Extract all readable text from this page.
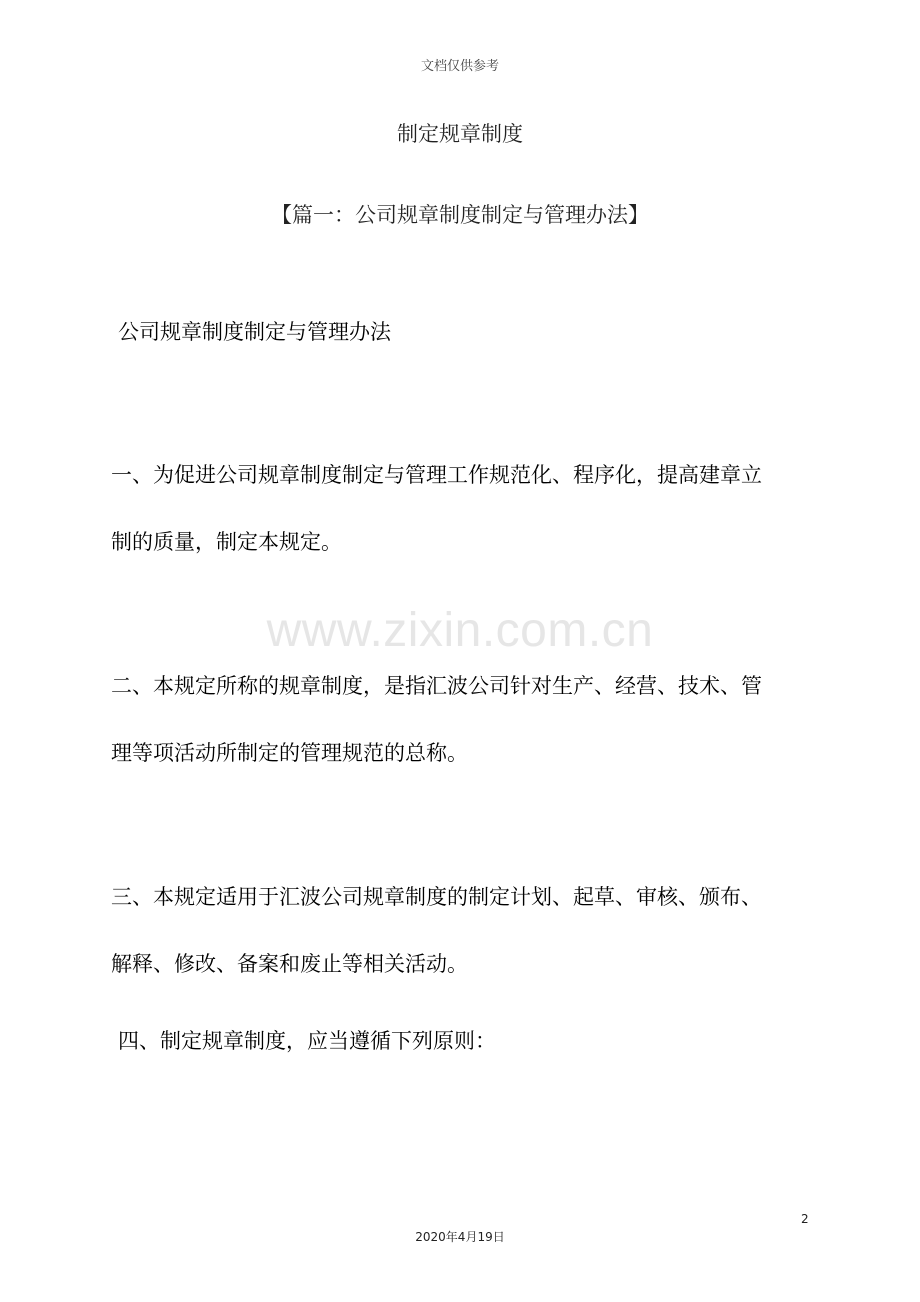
文档仅供参考
制定规章制度
【篇一：公司规章制度制定与管理办法】
公司规章制度制定与管理办法
www.zixin.com.cn
一、为促进公司规章制度制定与管理工作规范化、程序化，提高建章立
制的质量，制定本规定。
二、本规定所称的规章制度，是指汇波公司针对生产、经营、技术、管
理等项活动所制定的管理规范的总称。
三、本规定适用于汇波公司规章制度的制定计划、起草、审核、颁布、
解释、修改、备案和废止等相关活动。
四、制定规章制度，应当遵循下列原则：
2
2020年4月19日
